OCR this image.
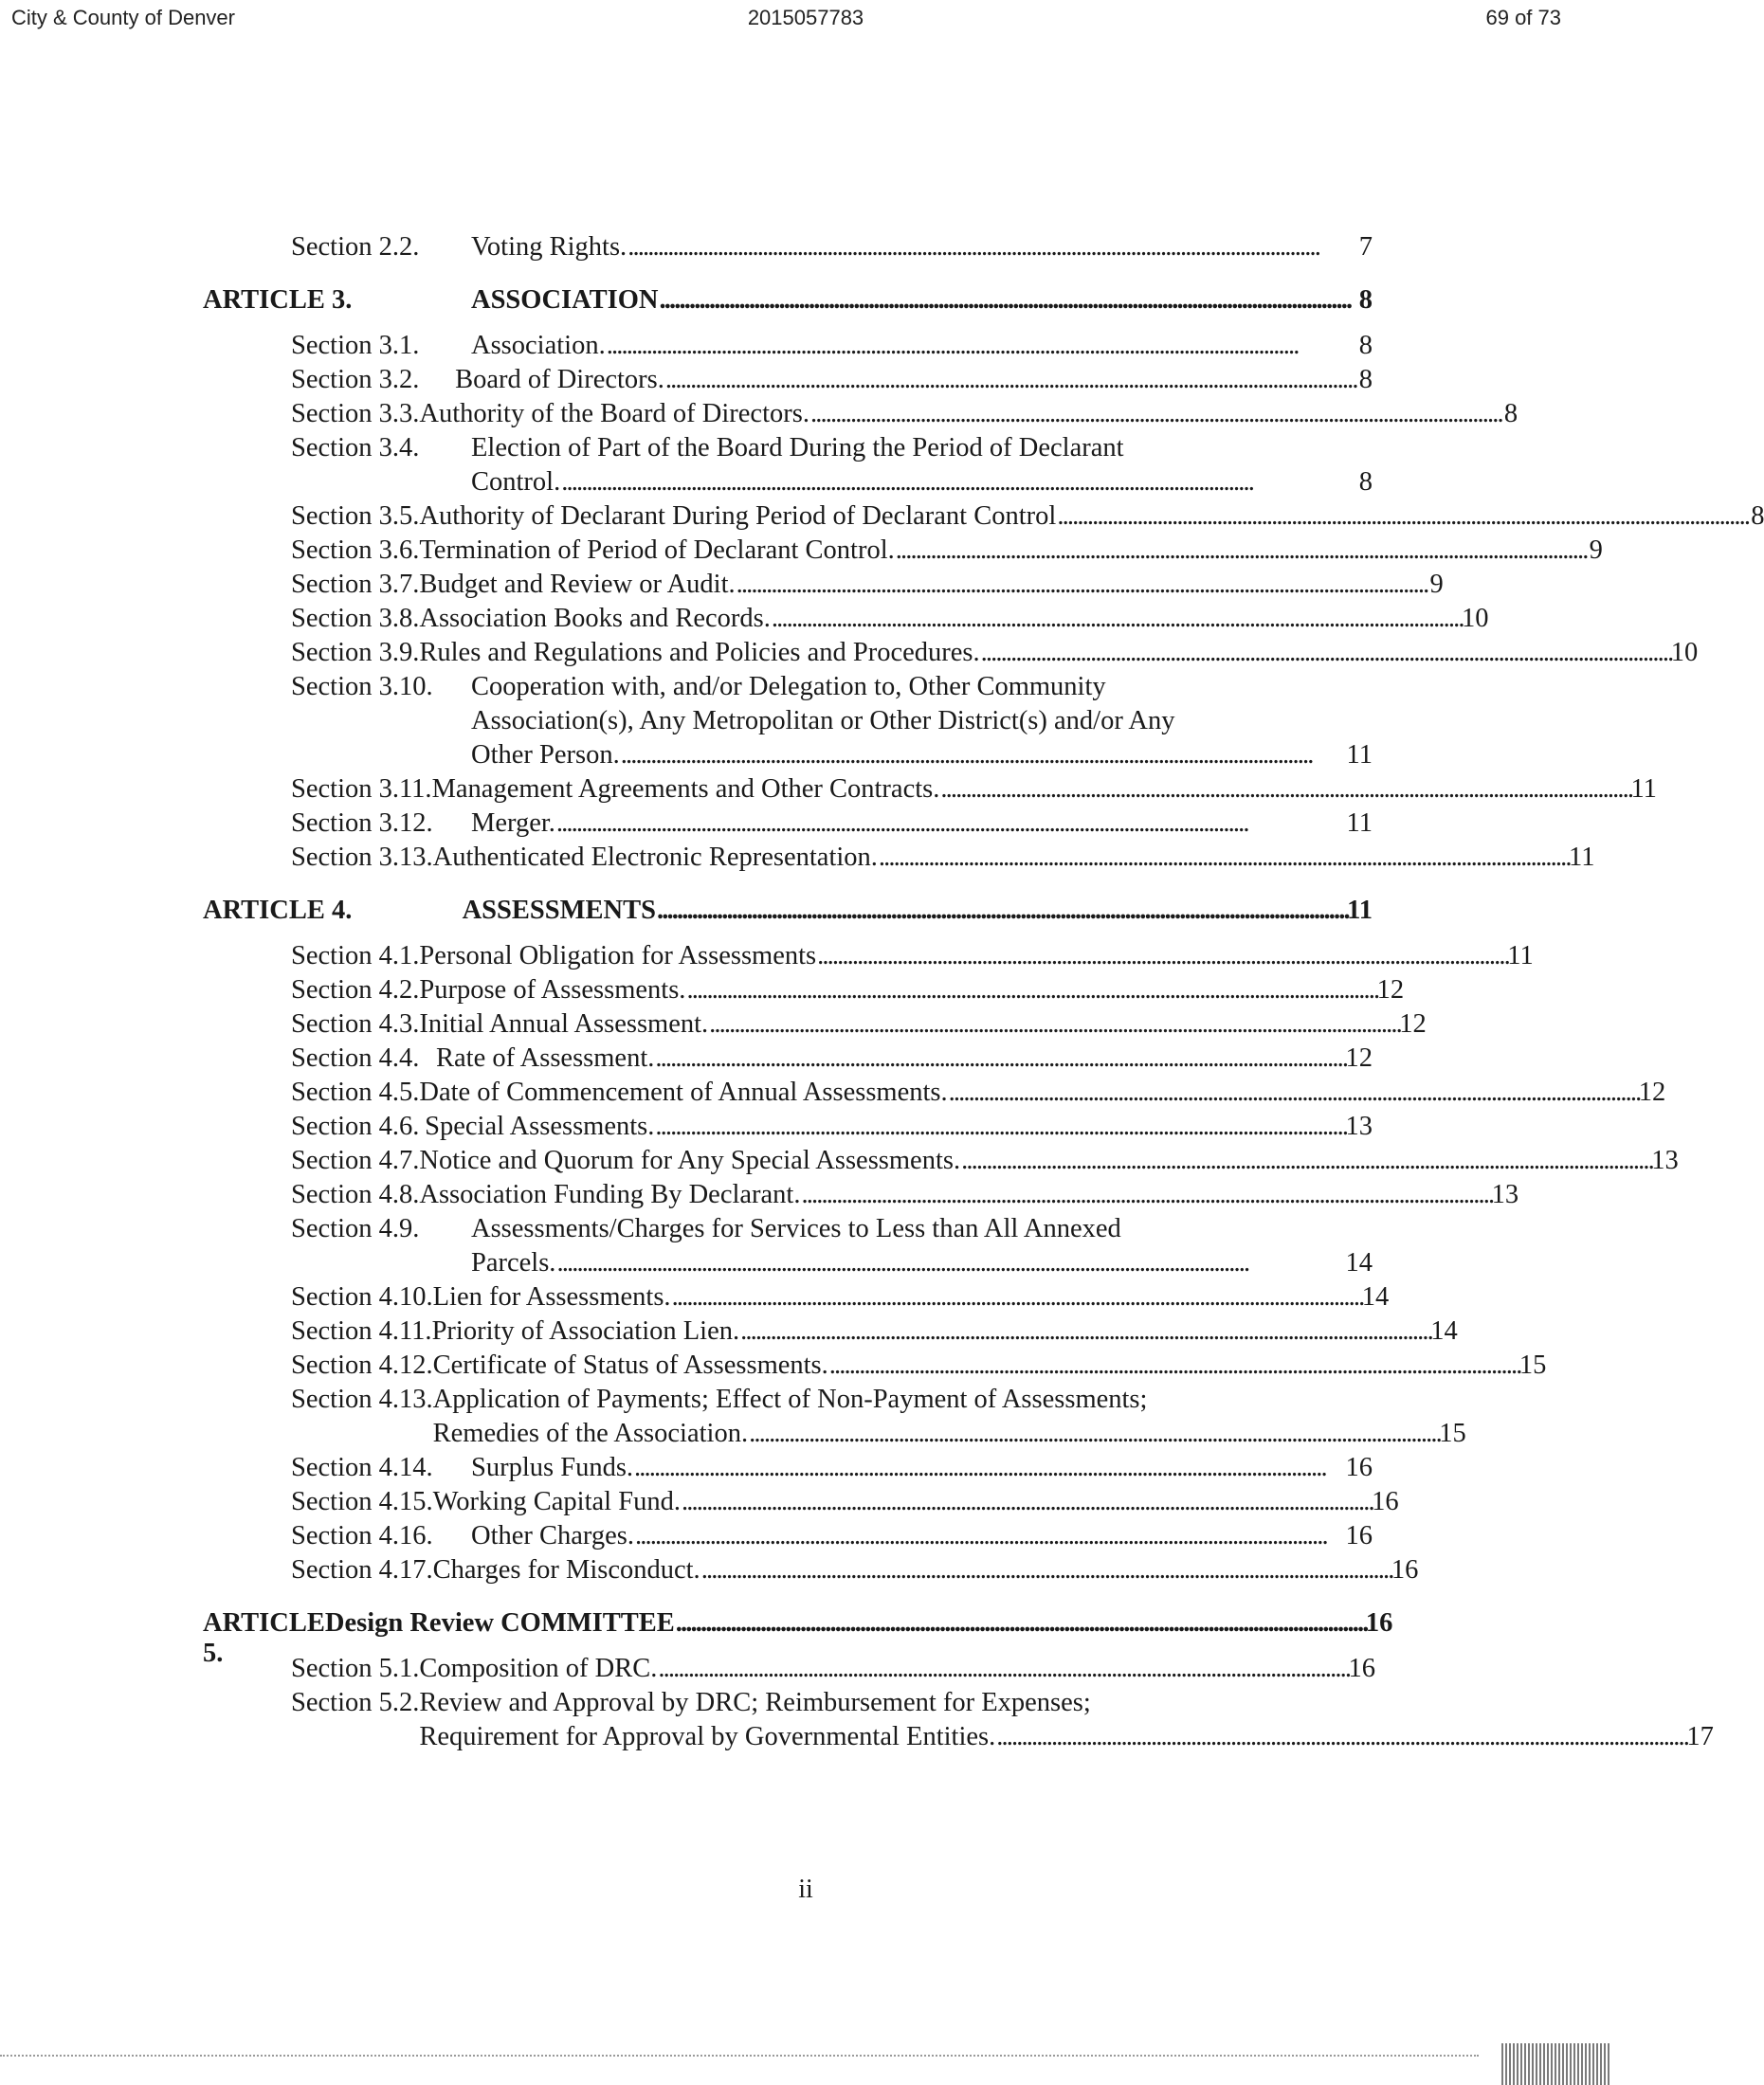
City & County of Denver	2015057783	69 of 73
Section 2.2.	Voting Rights. . . .	7
ARTICLE 3.	ASSOCIATION . . .	8
Section 3.1.	Association. . . .	8
Section 3.2.	Board of Directors. . . .	8
Section 3.3. Authority of the Board of Directors. . . .	8
Section 3.4.	Election of Part of the Board During the Period of Declarant
Control. . . .	8
Section 3.5. Authority of Declarant During Period of Declarant Control . . .	8
Section 3.6. Termination of Period of Declarant Control. . . .	9
Section 3.7. Budget and Review or Audit. . . .	9
Section 3.8. Association Books and Records. . . .	10
Section 3.9. Rules and Regulations and Policies and Procedures. . . .	10
Section 3.10.	Cooperation with, and/or Delegation to, Other Community
Association(s), Any Metropolitan or Other District(s) and/or Any
Other Person. . . .	11
Section 3.11. Management Agreements and Other Contracts. . . .	11
Section 3.12.	Merger. . . .	11
Section 3.13. Authenticated Electronic Representation. . . .	11
ARTICLE 4.	ASSESSMENTS . . .	11
Section 4.1. Personal Obligation for Assessments . . .	11
Section 4.2. Purpose of Assessments. . . .	12
Section 4.3. Initial Annual Assessment. . . .	12
Section 4.4. Rate of Assessment. . . .	12
Section 4.5. Date of Commencement of Annual Assessments. . . .	12
Section 4.6. Special Assessments. . . .	13
Section 4.7. Notice and Quorum for Any Special Assessments. . . .	13
Section 4.8. Association Funding By Declarant. . . .	13
Section 4.9.	Assessments/Charges for Services to Less than All Annexed
Parcels. . . .	14
Section 4.10. Lien for Assessments. . . .	14
Section 4.11. Priority of Association Lien. . . .	14
Section 4.12. Certificate of Status of Assessments. . . .	15
Section 4.13. Application of Payments; Effect of Non-Payment of Assessments;
Remedies of the Association. . . .	15
Section 4.14.	Surplus Funds. . . .	16
Section 4.15. Working Capital Fund. . . .	16
Section 4.16.	Other Charges. . . .	16
Section 4.17. Charges for Misconduct. . . .	16
ARTICLE 5.
Design Review COMMITTEE . . .	16
Section 5.1. Composition of DRC. . . .	16
Section 5.2. Review and Approval by DRC; Reimbursement for Expenses;
Requirement for Approval by Governmental Entities. . . .	17
ii
